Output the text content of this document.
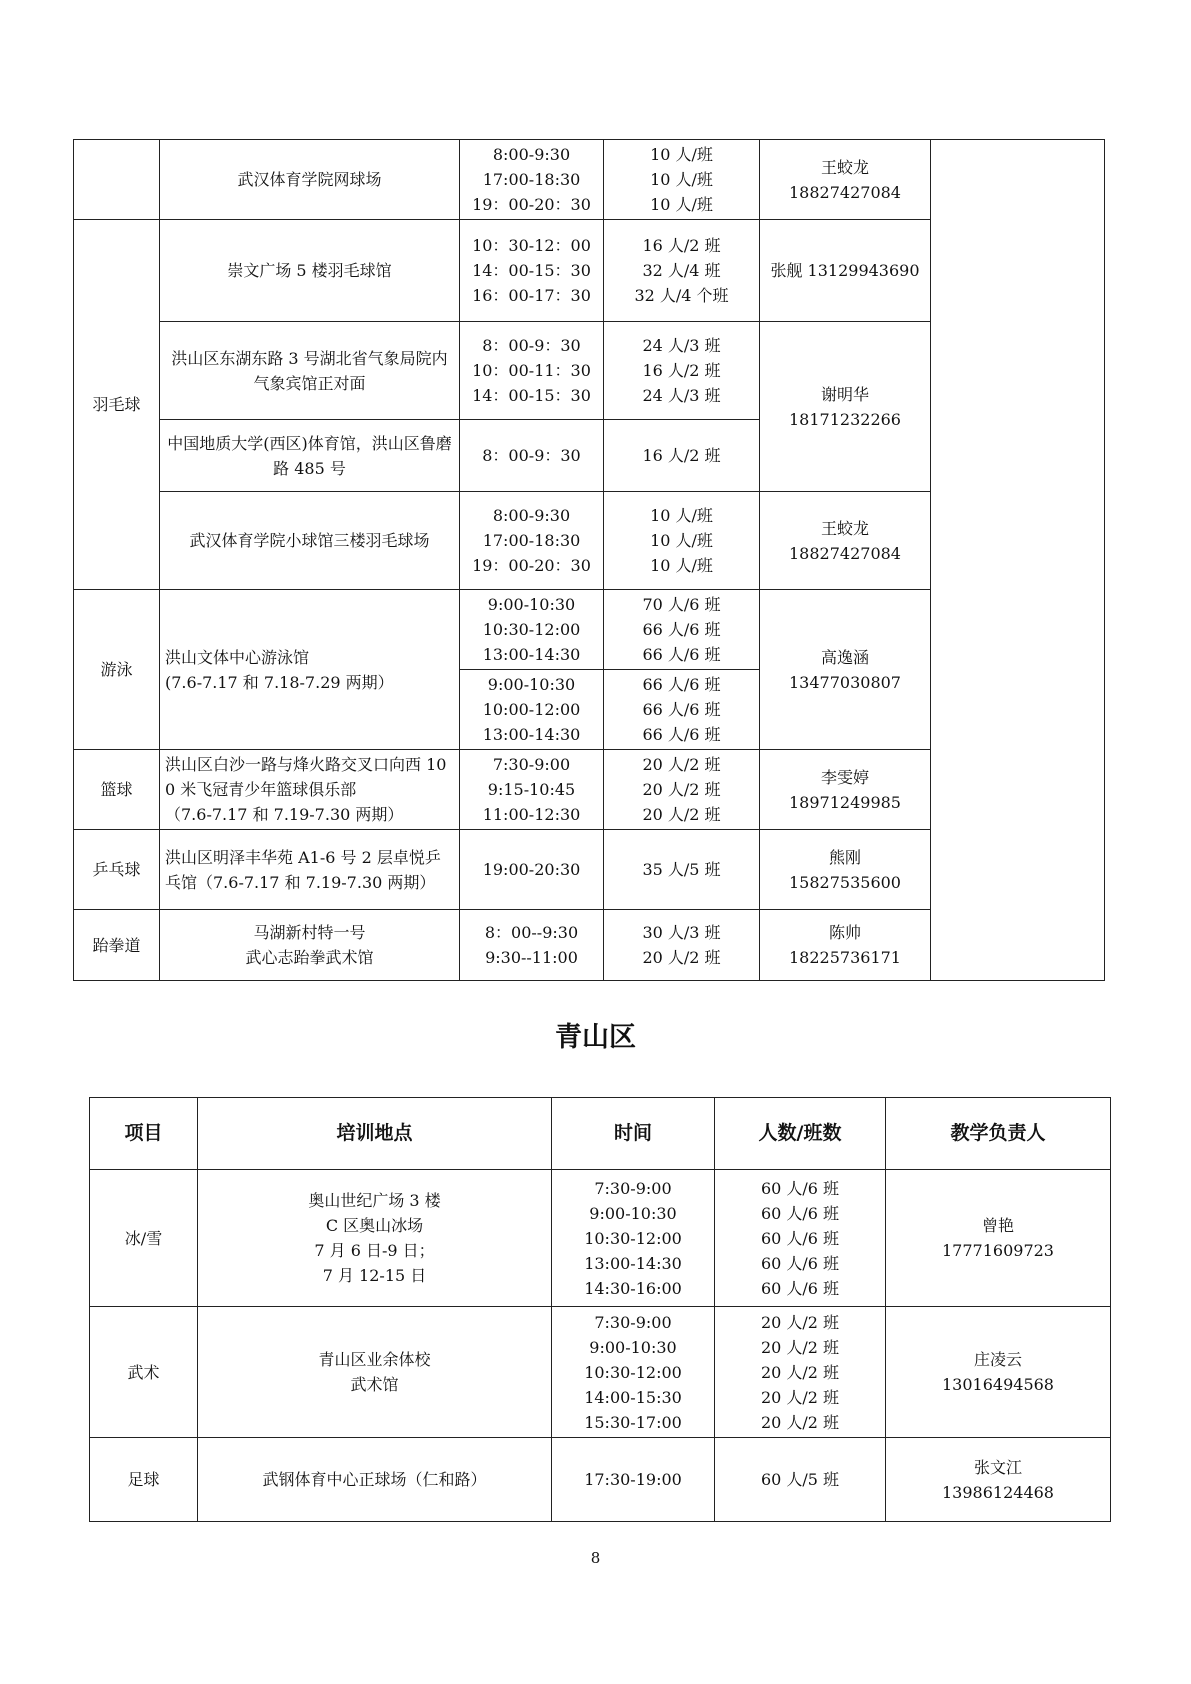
	武汉体育学院网球场	8:00-9:30
17:00-18:30
19：00-20：30	10 人/班
10 人/班
10 人/班	王蛟龙
18827427084	

羽毛球	崇文广场 5 楼羽毛球馆	10：30-12：00
14：00-15：30
16：00-17：30	16 人/2 班
32 人/4 班
32 人/4 个班	张舰 13129943690	
	洪山区东湖东路 3 号湖北省气象局院内气象宾馆正对面	8：00-9：30
10：00-11：30
14：00-15：30	24 人/3 班
16 人/2 班
24 人/3 班	谢明华
18171232266	

	中国地质大学(西区)体育馆，洪山区鲁磨路 485 号	8：00-9：30	16 人/2 班		
	武汉体育学院小球馆三楼羽毛球场	8:00-9:30
17:00-18:30
19：00-20：30	10 人/班
10 人/班
10 人/班	王蛟龙
18827427084	

游泳	洪山文体中心游泳馆
(7.6-7.17 和 7.18-7.29 两期）	9:00-10:30
10:30-12:00
13:00-14:30	70 人/6 班
66 人/6 班
66 人/6 班	高逸涵
13477030807	

		9:00-10:30
10:00-12:00
13:00-14:30	66 人/6 班
66 人/6 班
66 人/6 班		

篮球	洪山区白沙一路与烽火路交叉口向西 100 米飞冠青少年篮球俱乐部
（7.6-7.17 和 7.19-7.30 两期）	7:30-9:00
9:15-10:45
11:00-12:30	20 人/2 班
20 人/2 班
20 人/2 班	李雯婷
18971249985	

乒乓球	洪山区明泽丰华苑 A1-6 号 2 层卓悦乒乓馆（7.6-7.17 和 7.19-7.30 两期）	19:00-20:30	35 人/5 班	熊刚
15827535600	

跆拳道	马湖新村特一号
武心志跆拳武术馆	8：00--9:30
9:30--11:00	30 人/3 班
20 人/2 班	陈帅
18225736171	
青山区
项目	培训地点	时间	人数/班数	教学负责人
冰/雪	奥山世纪广场 3 楼
C 区奥山冰场
7 月 6 日-9 日；
7 月 12-15 日	7:30-9:00
9:00-10:30
10:30-12:00
13:00-14:30
14:30-16:00	60 人/6 班
60 人/6 班
60 人/6 班
60 人/6 班
60 人/6 班	曾艳
17771609723

武术	青山区业余体校
武术馆	7:30-9:00
9:00-10:30
10:30-12:00
14:00-15:30
15:30-17:00	20 人/2 班
20 人/2 班
20 人/2 班
20 人/2 班
20 人/2 班	庄凌云
13016494568

足球	武钢体育中心正球场（仁和路）	17:30-19:00	60 人/5 班	张文江
13986124468
8
